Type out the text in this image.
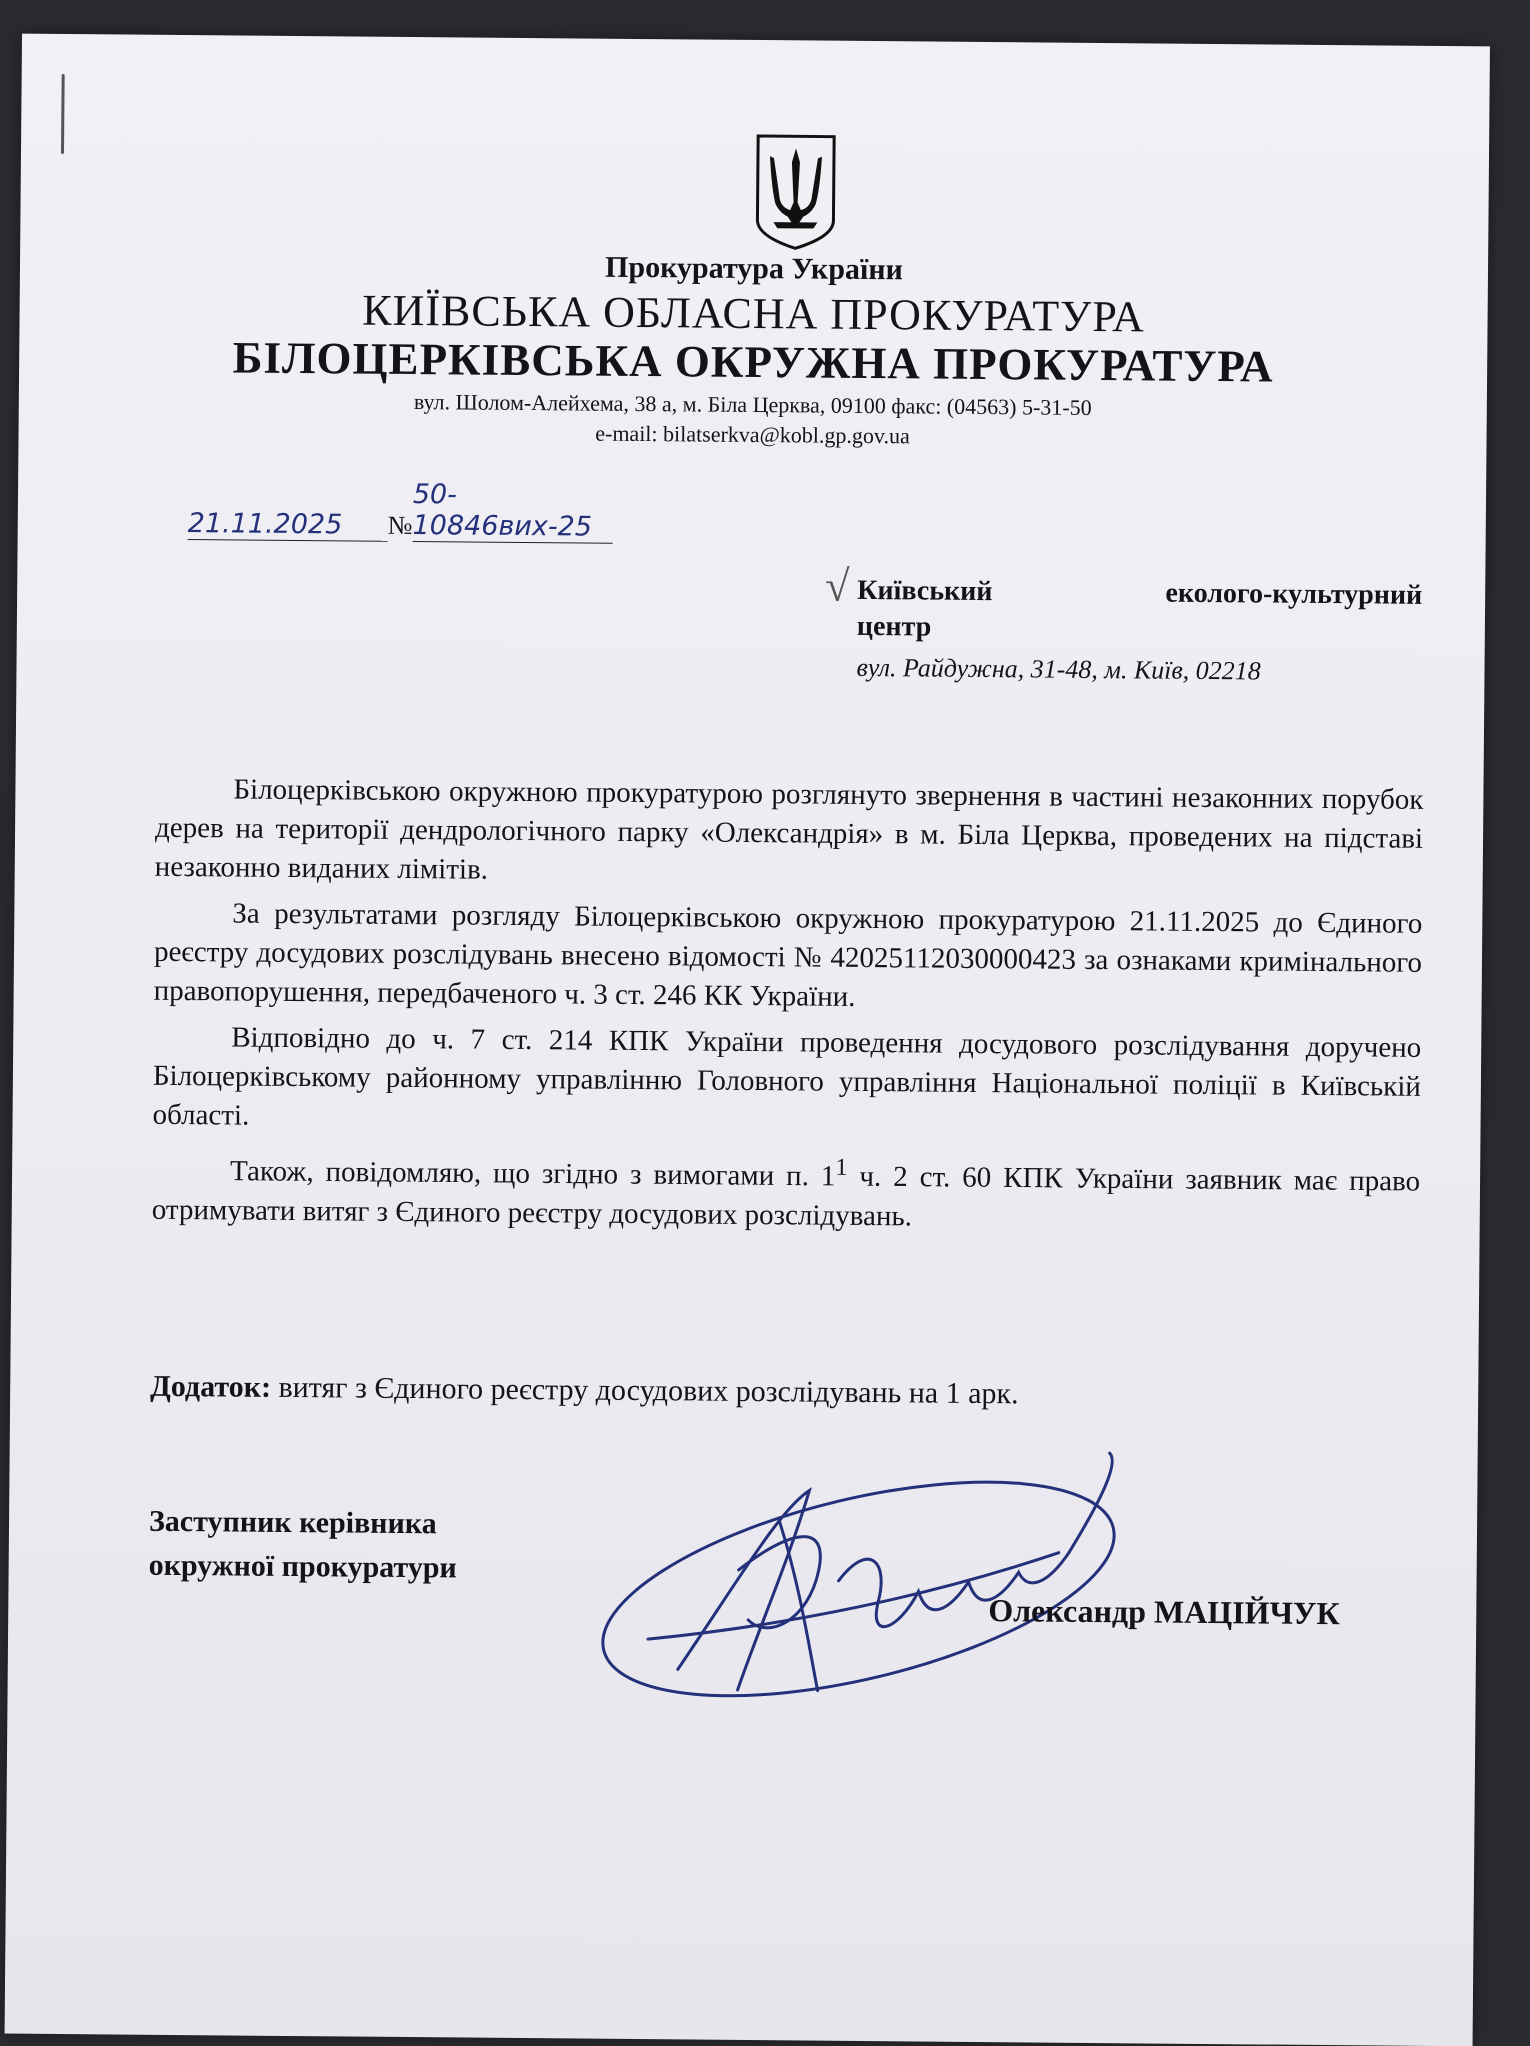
Прокуратура України
КИЇВСЬКА ОБЛАСНА ПРОКУРАТУРА
БІЛОЦЕРКІВСЬКА ОКРУЖНА ПРОКУРАТУРА
вул. Шолом-Алейхема, 38 а, м. Біла Церква, 09100 факс: (04563) 5-31-50
e-mail: bilatserkva@kobl.gp.gov.ua
21.11.2025 №50-10846вих-25
√ Київський еколого-культурний
центр
вул. Райдужна, 31-48, м. Київ, 02218

Білоцерківською окружною прокуратурою розглянуто звернення в частині незаконних порубок дерев на території дендрологічного парку «Олександрія» в м. Біла Церква, проведених на підставі незаконно виданих лімітів.

За результатами розгляду Білоцерківською окружною прокуратурою 21.11.2025 до Єдиного реєстру досудових розслідувань внесено відомості № 42025112030000423 за ознаками кримінального правопорушення, передбаченого ч. 3 ст. 246 КК України.

Відповідно до ч. 7 ст. 214 КПК України проведення досудового розслідування доручено Білоцерківському районному управлінню Головного управління Національної поліції в Київській області.

Також, повідомляю, що згідно з вимогами п. $1^1$ ч. 2 ст. 60 КПК України заявник має право отримувати витяг з Єдиного реєстру досудових розслідувань.

Додаток: витяг з Єдиного реєстру досудових розслідувань на 1 арк.
Заступник керівника
окружної прокуратури
Олександр МАЦІЙЧУК
